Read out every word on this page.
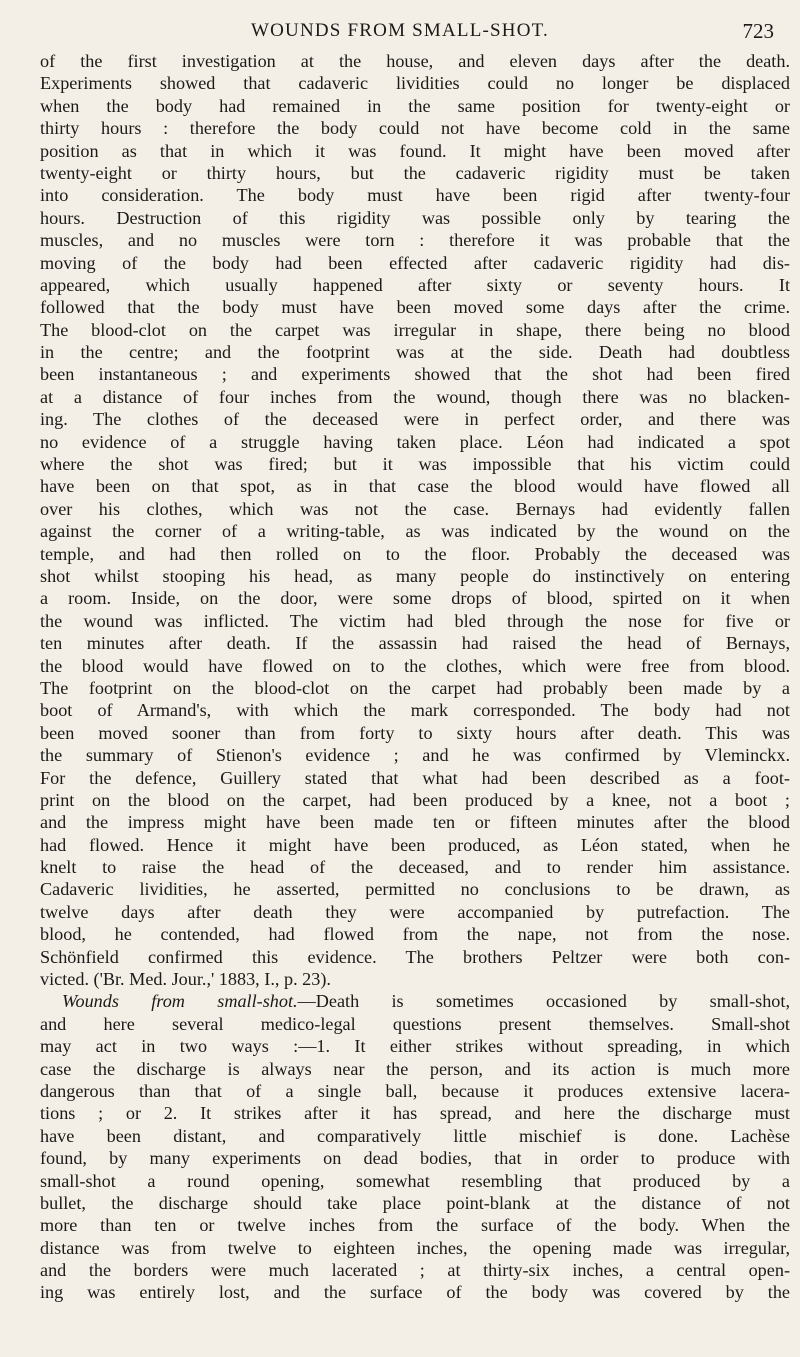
WOUNDS FROM SMALL-SHOT.	723
of the first investigation at the house, and eleven days after the death.
Experiments showed that cadaveric lividities could no longer be displaced
when the body had remained in the same position for twenty-eight or
thirty hours : therefore the body could not have become cold in the same
position as that in which it was found. It might have been moved after
twenty-eight or thirty hours, but the cadaveric rigidity must be taken
into consideration. The body must have been rigid after twenty-four
hours. Destruction of this rigidity was possible only by tearing the
muscles, and no muscles were torn : therefore it was probable that the
moving of the body had been effected after cadaveric rigidity had dis-
appeared, which usually happened after sixty or seventy hours. It
followed that the body must have been moved some days after the crime.
The blood-clot on the carpet was irregular in shape, there being no blood
in the centre; and the footprint was at the side. Death had doubtless
been instantaneous ; and experiments showed that the shot had been fired
at a distance of four inches from the wound, though there was no blacken-
ing. The clothes of the deceased were in perfect order, and there was
no evidence of a struggle having taken place. Léon had indicated a spot
where the shot was fired; but it was impossible that his victim could
have been on that spot, as in that case the blood would have flowed all
over his clothes, which was not the case. Bernays had evidently fallen
against the corner of a writing-table, as was indicated by the wound on the
temple, and had then rolled on to the floor. Probably the deceased was
shot whilst stooping his head, as many people do instinctively on entering
a room. Inside, on the door, were some drops of blood, spirted on it when
the wound was inflicted. The victim had bled through the nose for five or
ten minutes after death. If the assassin had raised the head of Bernays,
the blood would have flowed on to the clothes, which were free from blood.
The footprint on the blood-clot on the carpet had probably been made by a
boot of Armand's, with which the mark corresponded. The body had not
been moved sooner than from forty to sixty hours after death. This was
the summary of Stienon's evidence ; and he was confirmed by Vleminckx.
For the defence, Guillery stated that what had been described as a foot-
print on the blood on the carpet, had been produced by a knee, not a boot ;
and the impress might have been made ten or fifteen minutes after the blood
had flowed. Hence it might have been produced, as Léon stated, when he
knelt to raise the head of the deceased, and to render him assistance.
Cadaveric lividities, he asserted, permitted no conclusions to be drawn, as
twelve days after death they were accompanied by putrefaction. The
blood, he contended, had flowed from the nape, not from the nose.
Schönfield confirmed this evidence. The brothers Peltzer were both con-
victed. ('Br. Med. Jour.,' 1883, I., p. 23).
Wounds from small-shot.—Death is sometimes occasioned by small-shot,
and here several medico-legal questions present themselves. Small-shot
may act in two ways :—1. It either strikes without spreading, in which
case the discharge is always near the person, and its action is much more
dangerous than that of a single ball, because it produces extensive lacera-
tions ; or 2. It strikes after it has spread, and here the discharge must
have been distant, and comparatively little mischief is done. Lachèse
found, by many experiments on dead bodies, that in order to produce with
small-shot a round opening, somewhat resembling that produced by a
bullet, the discharge should take place point-blank at the distance of not
more than ten or twelve inches from the surface of the body. When the
distance was from twelve to eighteen inches, the opening made was irregular,
and the borders were much lacerated ; at thirty-six inches, a central open-
ing was entirely lost, and the surface of the body was covered by the
